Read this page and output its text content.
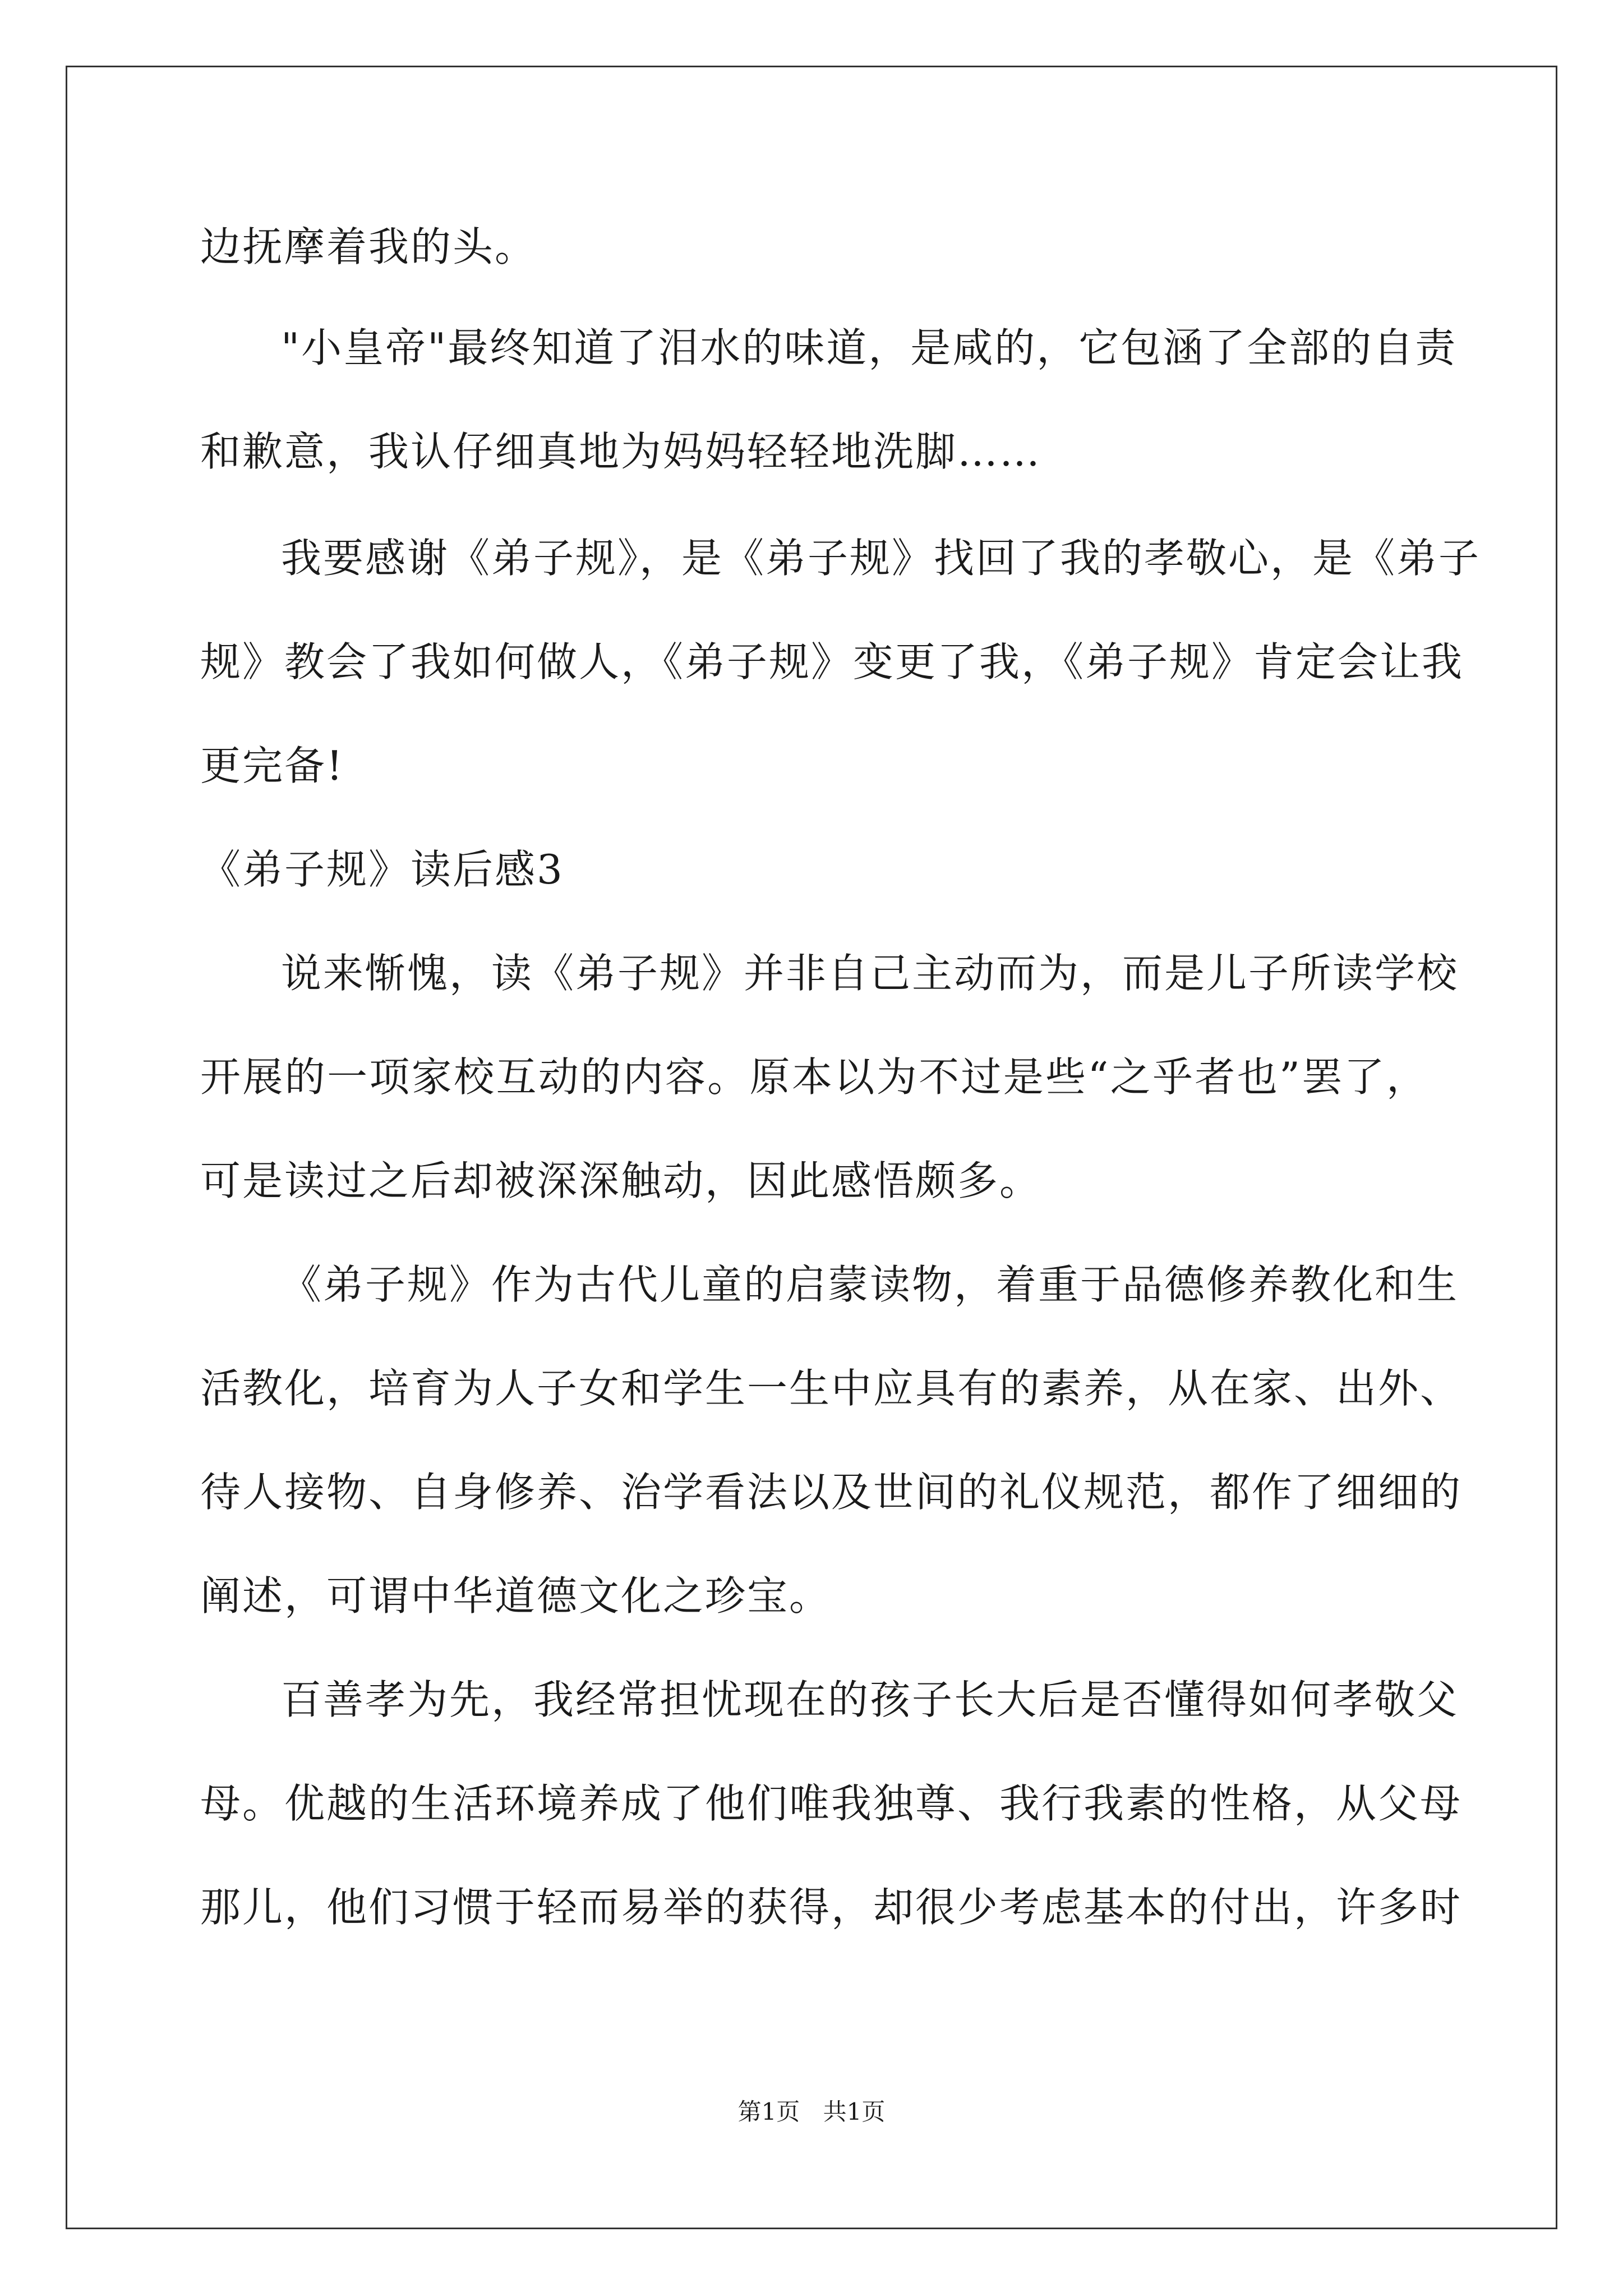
边抚摩着我的头。
"小皇帝"最终知道了泪水的味道，是咸的，它包涵了全部的自责
和歉意，我认仔细真地为妈妈轻轻地洗脚……
我要感谢《弟子规》，是《弟子规》找回了我的孝敬心，是《弟子
规》教会了我如何做人，《弟子规》变更了我，《弟子规》肯定会让我
更完备!
《弟子规》读后感3
说来惭愧，读《弟子规》并非自己主动而为，而是儿子所读学校
开展的一项家校互动的内容。原本以为不过是些“之乎者也”罢了，
可是读过之后却被深深触动，因此感悟颇多。
《弟子规》作为古代儿童的启蒙读物，着重于品德修养教化和生
活教化，培育为人子女和学生一生中应具有的素养，从在家、出外、
待人接物、自身修养、治学看法以及世间的礼仪规范，都作了细细的
阐述，可谓中华道德文化之珍宝。
百善孝为先，我经常担忧现在的孩子长大后是否懂得如何孝敬父
母。优越的生活环境养成了他们唯我独尊、我行我素的性格，从父母
那儿，他们习惯于轻而易举的获得，却很少考虑基本的付出，许多时
第1页 共1页
